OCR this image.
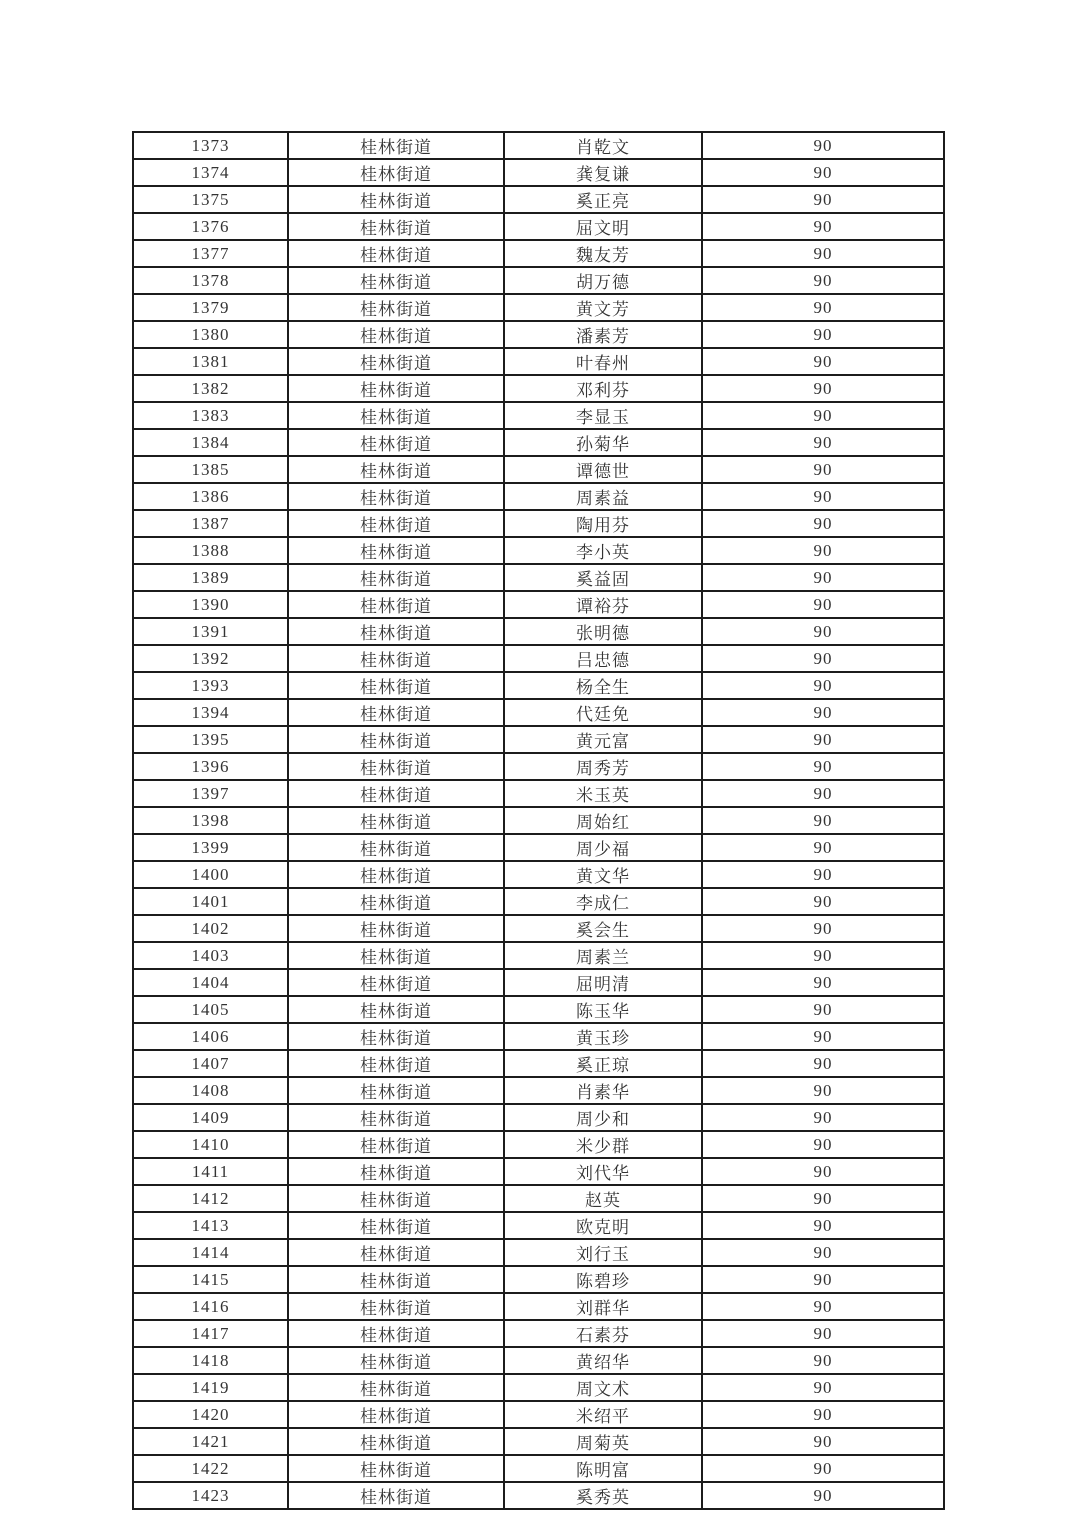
1373	桂林街道	肖乾文	90
1374	桂林街道	龚复谦	90
1375	桂林街道	奚正亮	90
1376	桂林街道	屈文明	90
1377	桂林街道	魏友芳	90
1378	桂林街道	胡万德	90
1379	桂林街道	黄文芳	90
1380	桂林街道	潘素芳	90
1381	桂林街道	叶春州	90
1382	桂林街道	邓利芬	90
1383	桂林街道	李显玉	90
1384	桂林街道	孙菊华	90
1385	桂林街道	谭德世	90
1386	桂林街道	周素益	90
1387	桂林街道	陶用芬	90
1388	桂林街道	李小英	90
1389	桂林街道	奚益固	90
1390	桂林街道	谭裕芬	90
1391	桂林街道	张明德	90
1392	桂林街道	吕忠德	90
1393	桂林街道	杨全生	90
1394	桂林街道	代廷免	90
1395	桂林街道	黄元富	90
1396	桂林街道	周秀芳	90
1397	桂林街道	米玉英	90
1398	桂林街道	周始红	90
1399	桂林街道	周少福	90
1400	桂林街道	黄文华	90
1401	桂林街道	李成仁	90
1402	桂林街道	奚会生	90
1403	桂林街道	周素兰	90
1404	桂林街道	屈明清	90
1405	桂林街道	陈玉华	90
1406	桂林街道	黄玉珍	90
1407	桂林街道	奚正琼	90
1408	桂林街道	肖素华	90
1409	桂林街道	周少和	90
1410	桂林街道	米少群	90
1411	桂林街道	刘代华	90
1412	桂林街道	赵英	90
1413	桂林街道	欧克明	90
1414	桂林街道	刘行玉	90
1415	桂林街道	陈碧珍	90
1416	桂林街道	刘群华	90
1417	桂林街道	石素芬	90
1418	桂林街道	黄绍华	90
1419	桂林街道	周文术	90
1420	桂林街道	米绍平	90
1421	桂林街道	周菊英	90
1422	桂林街道	陈明富	90
1423	桂林街道	奚秀英	90
